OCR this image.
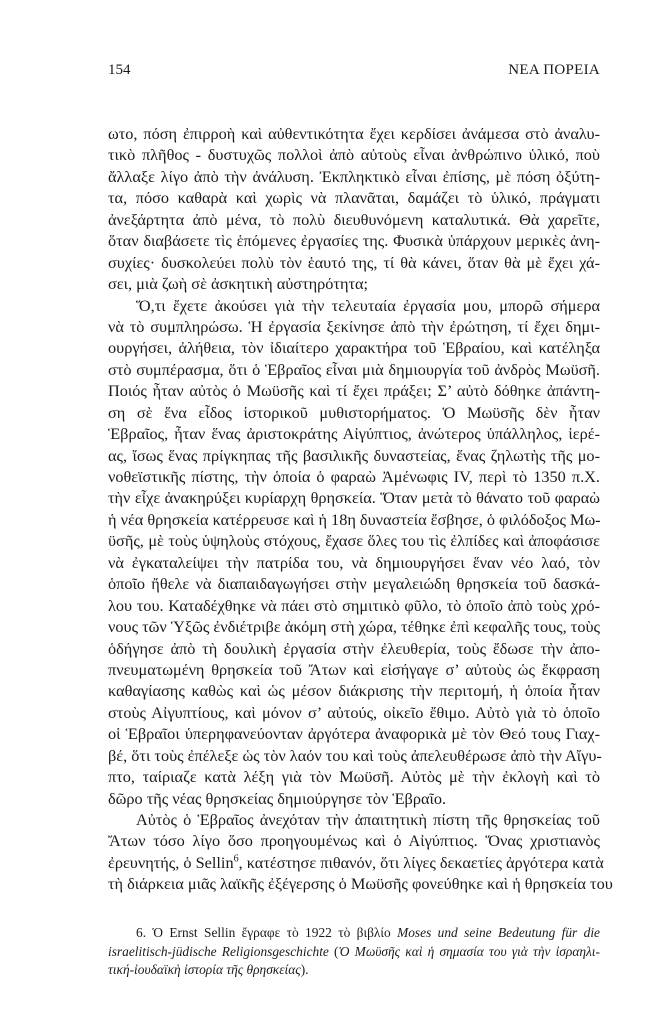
154	ΝΕΑ ΠΟΡΕΙΑ
ωτο, πόση ἐπιρροὴ καὶ αὐθεντικότητα ἔχει κερδίσει ἀνάμεσα στὸ ἀναλυ-
τικὸ πλῆθος - δυστυχῶς πολλοὶ ἀπὸ αὐτοὺς εἶναι ἀνθρώπινο ὑλικό, ποὺ
ἄλλαξε λίγο ἀπὸ τὴν ἀνάλυση. Ἐκπληκτικὸ εἶναι ἐπίσης, μὲ πόση ὀξύτη-
τα, πόσο καθαρὰ καὶ χωρὶς νὰ πλανᾶται, δαμάζει τὸ ὑλικό, πράγματι
ἀνεξάρτητα ἀπὸ μένα, τὸ πολὺ διευθυνόμενη καταλυτικά. Θὰ χαρεῖτε,
ὅταν διαβάσετε τὶς ἑπόμενες ἐργασίες της. Φυσικὰ ὑπάρχουν μερικὲς ἀνη-
συχίες· δυσκολεύει πολὺ τὸν ἑαυτό της, τί θὰ κάνει, ὅταν θὰ μὲ ἔχει χά-
σει, μιὰ ζωὴ σὲ ἀσκητικὴ αὐστηρότητα;
Ὅ,τι ἔχετε ἀκούσει γιὰ τὴν τελευταία ἐργασία μου, μπορῶ σήμερα
νὰ τὸ συμπληρώσω. Ἡ ἐργασία ξεκίνησε ἀπὸ τὴν ἐρώτηση, τί ἔχει δημι-
ουργήσει, ἀλήθεια, τὸν ἰδιαίτερο χαρακτήρα τοῦ Ἑβραίου, καὶ κατέληξα
στὸ συμπέρασμα, ὅτι ὁ Ἑβραῖος εἶναι μιὰ δημιουργία τοῦ ἀνδρὸς Μωϋσῆ.
Ποιός ἦταν αὐτὸς ὁ Μωϋσῆς καὶ τί ἔχει πράξει; Σ’ αὐτὸ δόθηκε ἀπάντη-
ση σὲ ἕνα εἶδος ἱστορικοῦ μυθιστορήματος. Ὁ Μωϋσῆς δὲν ἦταν
Ἑβραῖος, ἦταν ἕνας ἀριστοκράτης Αἰγύπτιος, ἀνώτερος ὑπάλληλος, ἱερέ-
ας, ἴσως ἕνας πρίγκηπας τῆς βασιλικῆς δυναστείας, ἕνας ζηλωτὴς τῆς μο-
νοθεϊστικῆς πίστης, τὴν ὁποία ὁ φαραὼ Ἀμένωφις IV, περὶ τὸ 1350 π.Χ.
τὴν εἶχε ἀνακηρύξει κυρίαρχη θρησκεία. Ὅταν μετὰ τὸ θάνατο τοῦ φαραὼ
ἡ νέα θρησκεία κατέρρευσε καὶ ἡ 18η δυναστεία ἔσβησε, ὁ φιλόδοξος Μω-
ϋσῆς, μὲ τοὺς ὑψηλοὺς στόχους, ἔχασε ὅλες του τὶς ἐλπίδες καὶ ἀποφάσισε
νὰ ἐγκαταλείψει τὴν πατρίδα του, νὰ δημιουργήσει ἕναν νέο λαό, τὸν
ὁποῖο ἤθελε νὰ διαπαιδαγωγήσει στὴν μεγαλειώδη θρησκεία τοῦ δασκά-
λου του. Καταδέχθηκε νὰ πάει στὸ σημιτικὸ φῦλο, τὸ ὁποῖο ἀπὸ τοὺς χρό-
νους τῶν Ὑξῶς ἐνδιέτριβε ἀκόμη στὴ χώρα, τέθηκε ἐπὶ κεφαλῆς τους, τοὺς
ὁδήγησε ἀπὸ τὴ δουλικὴ ἐργασία στὴν ἐλευθερία, τοὺς ἔδωσε τὴν ἀπο-
πνευματωμένη θρησκεία τοῦ Ἄτων καὶ εἰσήγαγε σ’ αὐτοὺς ὡς ἔκφραση
καθαγίασης καθὼς καὶ ὡς μέσον διάκρισης τὴν περιτομή, ἡ ὁποία ἦταν
στοὺς Αἰγυπτίους, καὶ μόνον σ’ αὐτούς, οἰκεῖο ἔθιμο. Αὐτὸ γιὰ τὸ ὁποῖο
οἱ Ἑβραῖοι ὑπερηφανεύονταν ἀργότερα ἀναφορικὰ μὲ τὸν Θεό τους Γιαχ-
βέ, ὅτι τοὺς ἐπέλεξε ὡς τὸν λαόν του καὶ τοὺς ἀπελευθέρωσε ἀπὸ τὴν Αἴγυ-
πτο, ταίριαζε κατὰ λέξη γιὰ τὸν Μωϋσῆ. Αὐτὸς μὲ τὴν ἐκλογὴ καὶ τὸ
δῶρο τῆς νέας θρησκείας δημιούργησε τὸν Ἑβραῖο.
Αὐτὸς ὁ Ἑβραῖος ἀνεχόταν τὴν ἀπαιτητικὴ πίστη τῆς θρησκείας τοῦ
Ἄτων τόσο λίγο ὅσο προηγουμένως καὶ ὁ Αἰγύπτιος. Ὅνας χριστιανὸς
ἐρευνητής, ὁ Sellin$^6$, κατέστησε πιθανόν, ὅτι λίγες δεκαετίες ἀργότερα κατὰ
τὴ διάρκεια μιᾶς λαϊκῆς ἐξέγερσης ὁ Μωϋσῆς φονεύθηκε καὶ ἡ θρησκεία του
6. Ὁ Ernst Sellin ἔγραφε τὸ 1922 τὸ βιβλίο Moses und seine Bedeutung für die
israelitisch-jüdische Religionsgeschichte (Ὁ Μωϋσῆς καὶ ἡ σημασία του γιὰ τὴν ἰσραηλι-
τική-ἰουδαϊκὴ ἱστορία τῆς θρησκείας).
